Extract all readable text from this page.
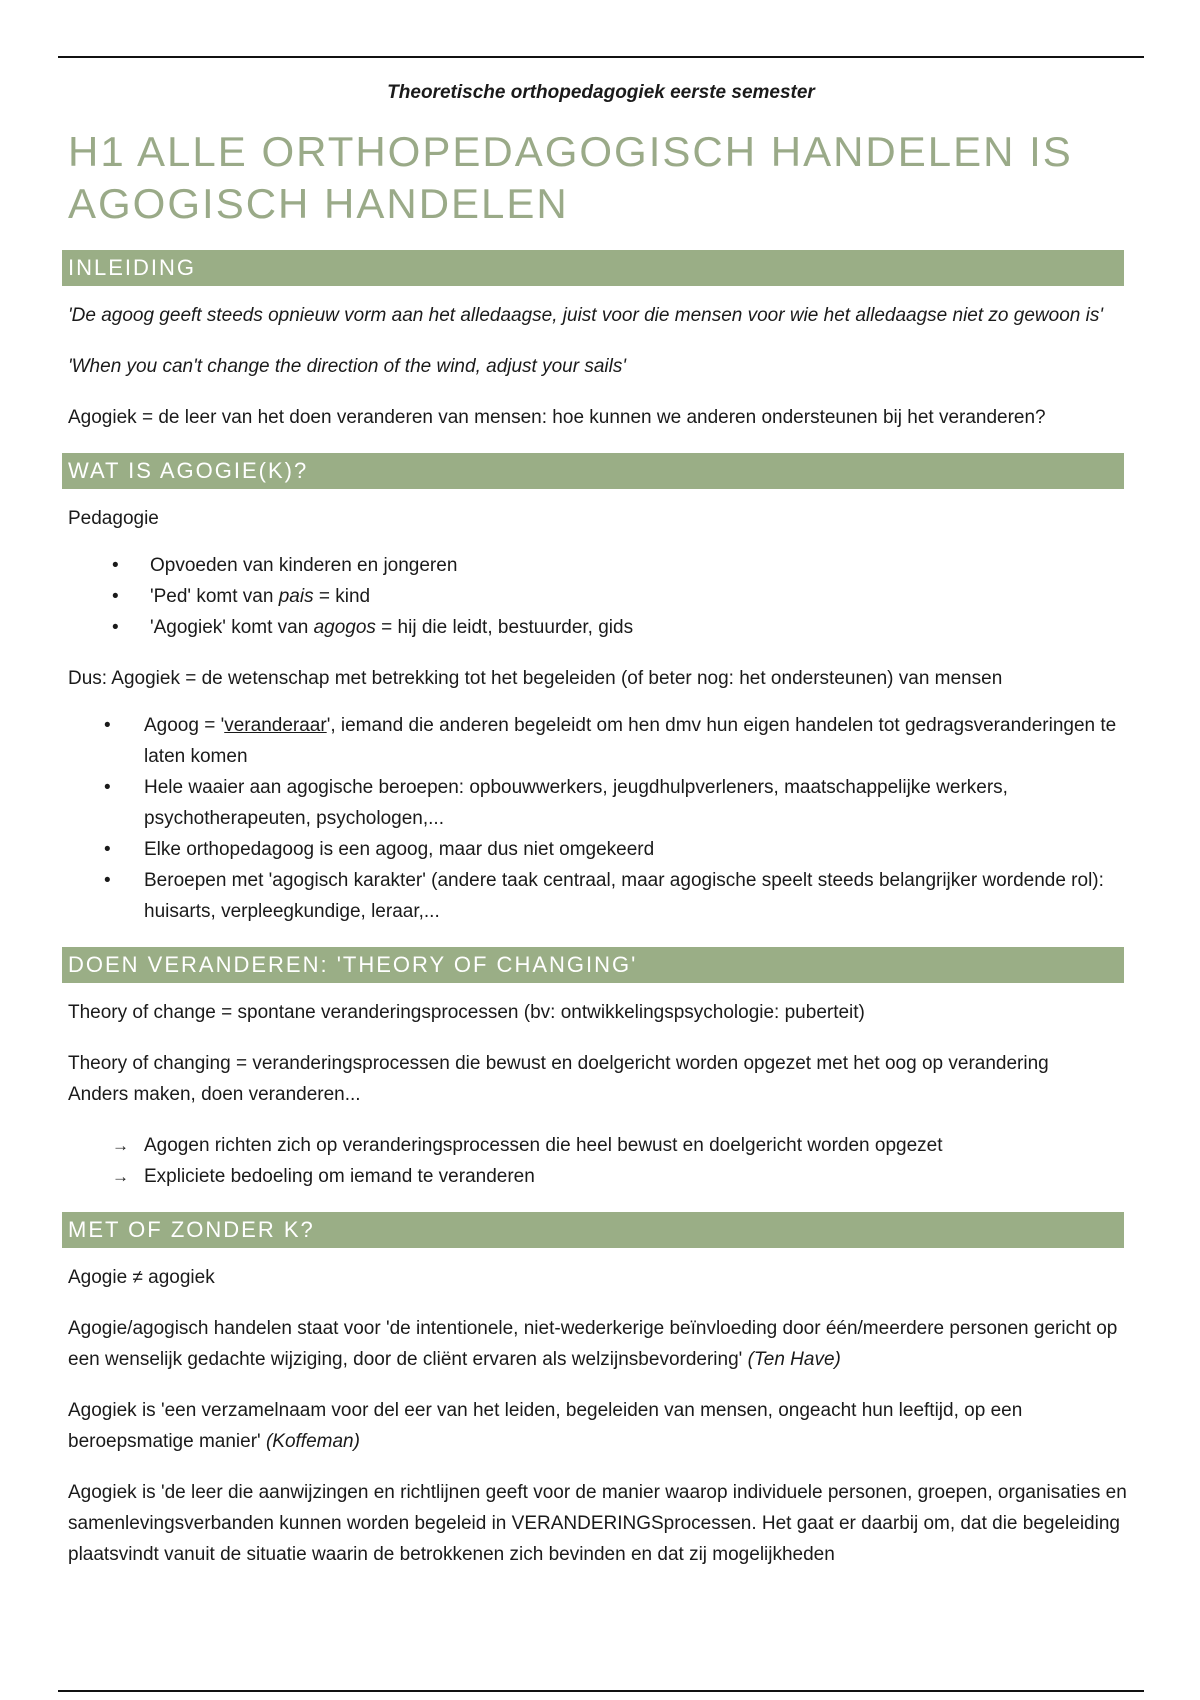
Theoretische orthopedagogiek eerste semester
H1 ALLE ORTHOPEDAGOGISCH HANDELEN IS AGOGISCH HANDELEN
INLEIDING

'De agoog geeft steeds opnieuw vorm aan het alledaagse, juist voor die mensen voor wie het alledaagse niet zo gewoon is'

'When you can't change the direction of the wind, adjust your sails'

Agogiek = de leer van het doen veranderen van mensen: hoe kunnen we anderen ondersteunen bij het veranderen?

WAT IS AGOGIE(K)?

Pedagogie

• Opvoeden van kinderen en jongeren
• 'Ped' komt van pais = kind
• 'Agogiek' komt van agogos = hij die leidt, bestuurder, gids

Dus: Agogiek = de wetenschap met betrekking tot het begeleiden (of beter nog: het ondersteunen) van mensen

• Agoog = 'veranderaar', iemand die anderen begeleidt om hen dmv hun eigen handelen tot gedragsveranderingen te laten komen
• Hele waaier aan agogische beroepen: opbouwwerkers, jeugdhulpverleners, maatschappelijke werkers, psychotherapeuten, psychologen,...
• Elke orthopedagoog is een agoog, maar dus niet omgekeerd
• Beroepen met 'agogisch karakter' (andere taak centraal, maar agogische speelt steeds belangrijker wordende rol): huisarts, verpleegkundige, leraar,...
DOEN VERANDEREN: 'THEORY OF CHANGING'

Theory of change = spontane veranderingsprocessen (bv: ontwikkelingspsychologie: puberteit)

Theory of changing = veranderingsprocessen die bewust en doelgericht worden opgezet met het oog op verandering
Anders maken, doen veranderen...

→ Agogen richten zich op veranderingsprocessen die heel bewust en doelgericht worden opgezet
→ Expliciete bedoeling om iemand te veranderen
MET OF ZONDER K?

Agogie ≠ agogiek

Agogie/agogisch handelen staat voor 'de intentionele, niet-wederkerige beïnvloeding door één/meerdere personen gericht op een wenselijk gedachte wijziging, door de cliënt ervaren als welzijnsbevordering' (Ten Have)

Agogiek is 'een verzamelnaam voor del eer van het leiden, begeleiden van mensen, ongeacht hun leeftijd, op een beroepsmatige manier' (Koffeman)

Agogiek is 'de leer die aanwijzingen en richtlijnen geeft voor de manier waarop individuele personen, groepen, organisaties en samenlevingsverbanden kunnen worden begeleid in VERANDERINGSprocessen. Het gaat er daarbij om, dat die begeleiding plaatsvindt vanuit de situatie waarin de betrokkenen zich bevinden en dat zij mogelijkheden
